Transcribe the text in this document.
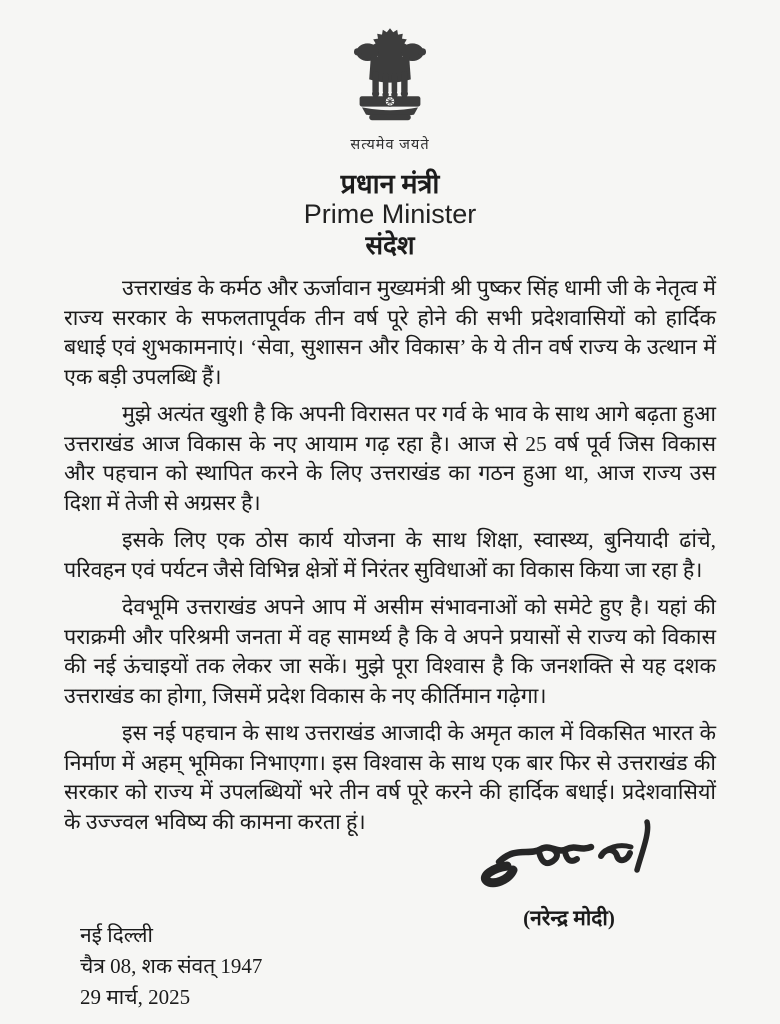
सत्यमेव जयते
प्रधान मंत्री
Prime Minister
संदेश

उत्तराखंड के कर्मठ और ऊर्जावान मुख्यमंत्री श्री पुष्कर सिंह धामी जी के नेतृत्व में राज्य सरकार के सफलतापूर्वक तीन वर्ष पूरे होने की सभी प्रदेशवासियों को हार्दिक बधाई एवं शुभकामनाएं। ‘सेवा, सुशासन और विकास’ के ये तीन वर्ष राज्य के उत्थान में एक बड़ी उपलब्धि हैं।

मुझे अत्यंत खुशी है कि अपनी विरासत पर गर्व के भाव के साथ आगे बढ़ता हुआ उत्तराखंड आज विकास के नए आयाम गढ़ रहा है। आज से 25 वर्ष पूर्व जिस विकास और पहचान को स्थापित करने के लिए उत्तराखंड का गठन हुआ था, आज राज्य उस दिशा में तेजी से अग्रसर है।

इसके लिए एक ठोस कार्य योजना के साथ शिक्षा, स्वास्थ्य, बुनियादी ढांचे, परिवहन एवं पर्यटन जैसे विभिन्न क्षेत्रों में निरंतर सुविधाओं का विकास किया जा रहा है।

देवभूमि उत्तराखंड अपने आप में असीम संभावनाओं को समेटे हुए है। यहां की पराक्रमी और परिश्रमी जनता में वह सामर्थ्य है कि वे अपने प्रयासों से राज्य को विकास की नई ऊंचाइयों तक लेकर जा सकें। मुझे पूरा विश्वास है कि जनशक्ति से यह दशक उत्तराखंड का होगा, जिसमें प्रदेश विकास के नए कीर्तिमान गढ़ेगा।

इस नई पहचान के साथ उत्तराखंड आजादी के अमृत काल में विकसित भारत के निर्माण में अहम् भूमिका निभाएगा। इस विश्वास के साथ एक बार फिर से उत्तराखंड की सरकार को राज्य में उपलब्धियों भरे तीन वर्ष पूरे करने की हार्दिक बधाई। प्रदेशवासियों के उज्ज्वल भविष्य की कामना करता हूं।

(नरेन्द्र मोदी)
नई दिल्ली
चैत्र 08, शक संवत् 1947
29 मार्च, 2025
